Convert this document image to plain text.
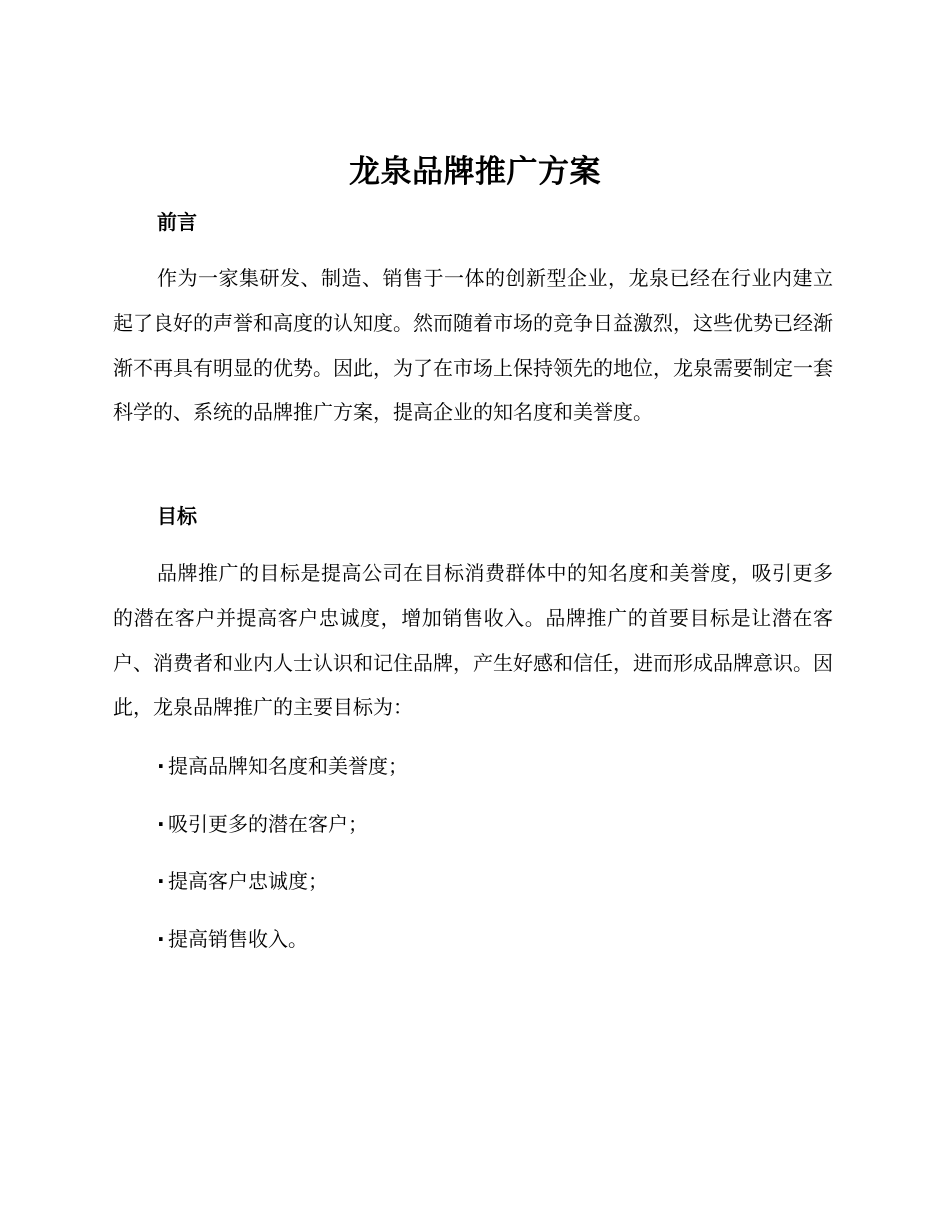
龙泉品牌推广方案
前言

作为一家集研发、制造、销售于一体的创新型企业，龙泉已经在行业内建立起了良好的声誉和高度的认知度。然而随着市场的竞争日益激烈，这些优势已经渐渐不再具有明显的优势。因此，为了在市场上保持领先的地位，龙泉需要制定一套科学的、系统的品牌推广方案，提高企业的知名度和美誉度。

目标

品牌推广的目标是提高公司在目标消费群体中的知名度和美誉度，吸引更多的潜在客户并提高客户忠诚度，增加销售收入。品牌推广的首要目标是让潜在客户、消费者和业内人士认识和记住品牌，产生好感和信任，进而形成品牌意识。因此，龙泉品牌推广的主要目标为：

· 提高品牌知名度和美誉度；
· 吸引更多的潜在客户；
· 提高客户忠诚度；
· 提高销售收入。
